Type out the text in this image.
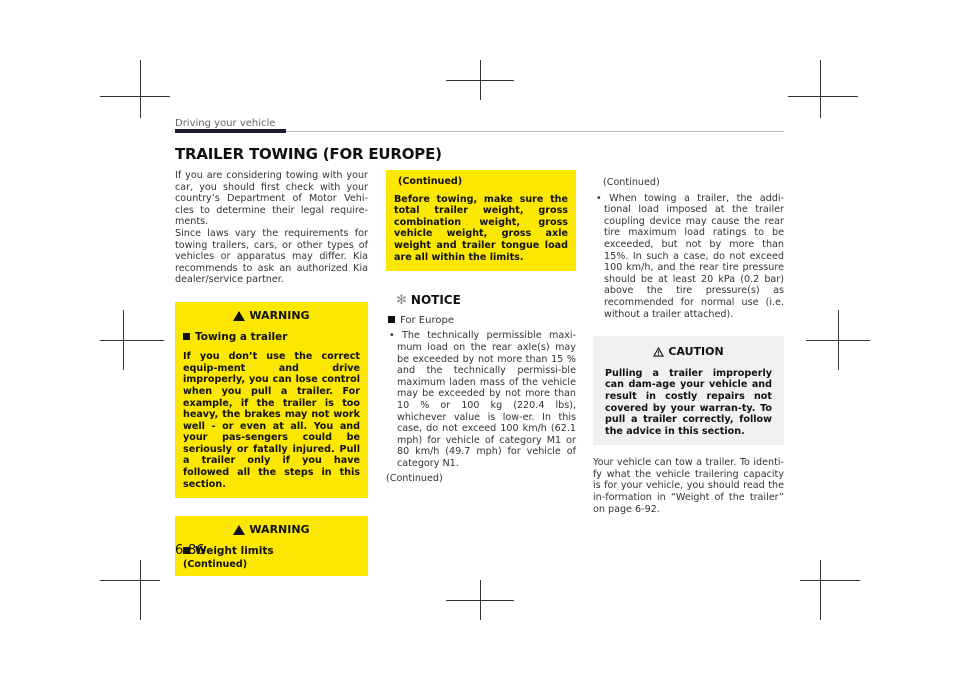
Driving your vehicle
TRAILER TOWING (FOR EUROPE)

If you are considering towing with your car, you should first check with your country’s Department of Motor Vehi-cles to determine their legal require-ments.

Since laws vary the requirements for towing trailers, cars, or other types of vehicles or apparatus may differ. Kia recommends to ask an authorized Kia dealer/service partner.

WARNING
Towing a trailer

If you don’t use the correct equip-ment and drive improperly, you can lose control when you pull a trailer. For example, if the trailer is too heavy, the brakes may not work well - or even at all. You and your pas-sengers could be seriously or fatally injured. Pull a trailer only if you have followed all the steps in this section.

WARNING
Weight limits

(Continued)

(Continued)

Before towing, make sure the total trailer weight, gross combination weight, gross vehicle weight, gross axle weight and trailer tongue load are all within the limits.

✻ NOTICE
For Europe

• The technically permissible maxi-mum load on the rear axle(s) may be exceeded by not more than 15 % and the technically permissi-ble maximum laden mass of the vehicle may be exceeded by not more than 10 % or 100 kg (220.4 lbs), whichever value is low-er. In this case, do not exceed 100 km/h (62.1 mph) for vehicle of category M1 or 80 km/h (49.7 mph) for vehicle of category N1.

(Continued)

(Continued)

• When towing a trailer, the addi-tional load imposed at the trailer coupling device may cause the rear tire maximum load ratings to be exceeded, but not by more than 15%. In such a case, do not exceed 100 km/h, and the rear tire pressure should be at least 20 kPa (0.2 bar) above the tire pressure(s) as recommended for normal use (i.e. without a trailer attached).

CAUTION

Pulling a trailer improperly can dam-age your vehicle and result in costly repairs not covered by your warran-ty. To pull a trailer correctly, follow the advice in this section.

Your vehicle can tow a trailer. To identi-fy what the vehicle trailering capacity is for your vehicle, you should read the in-formation in “Weight of the trailer” on page 6-92.

6-86
